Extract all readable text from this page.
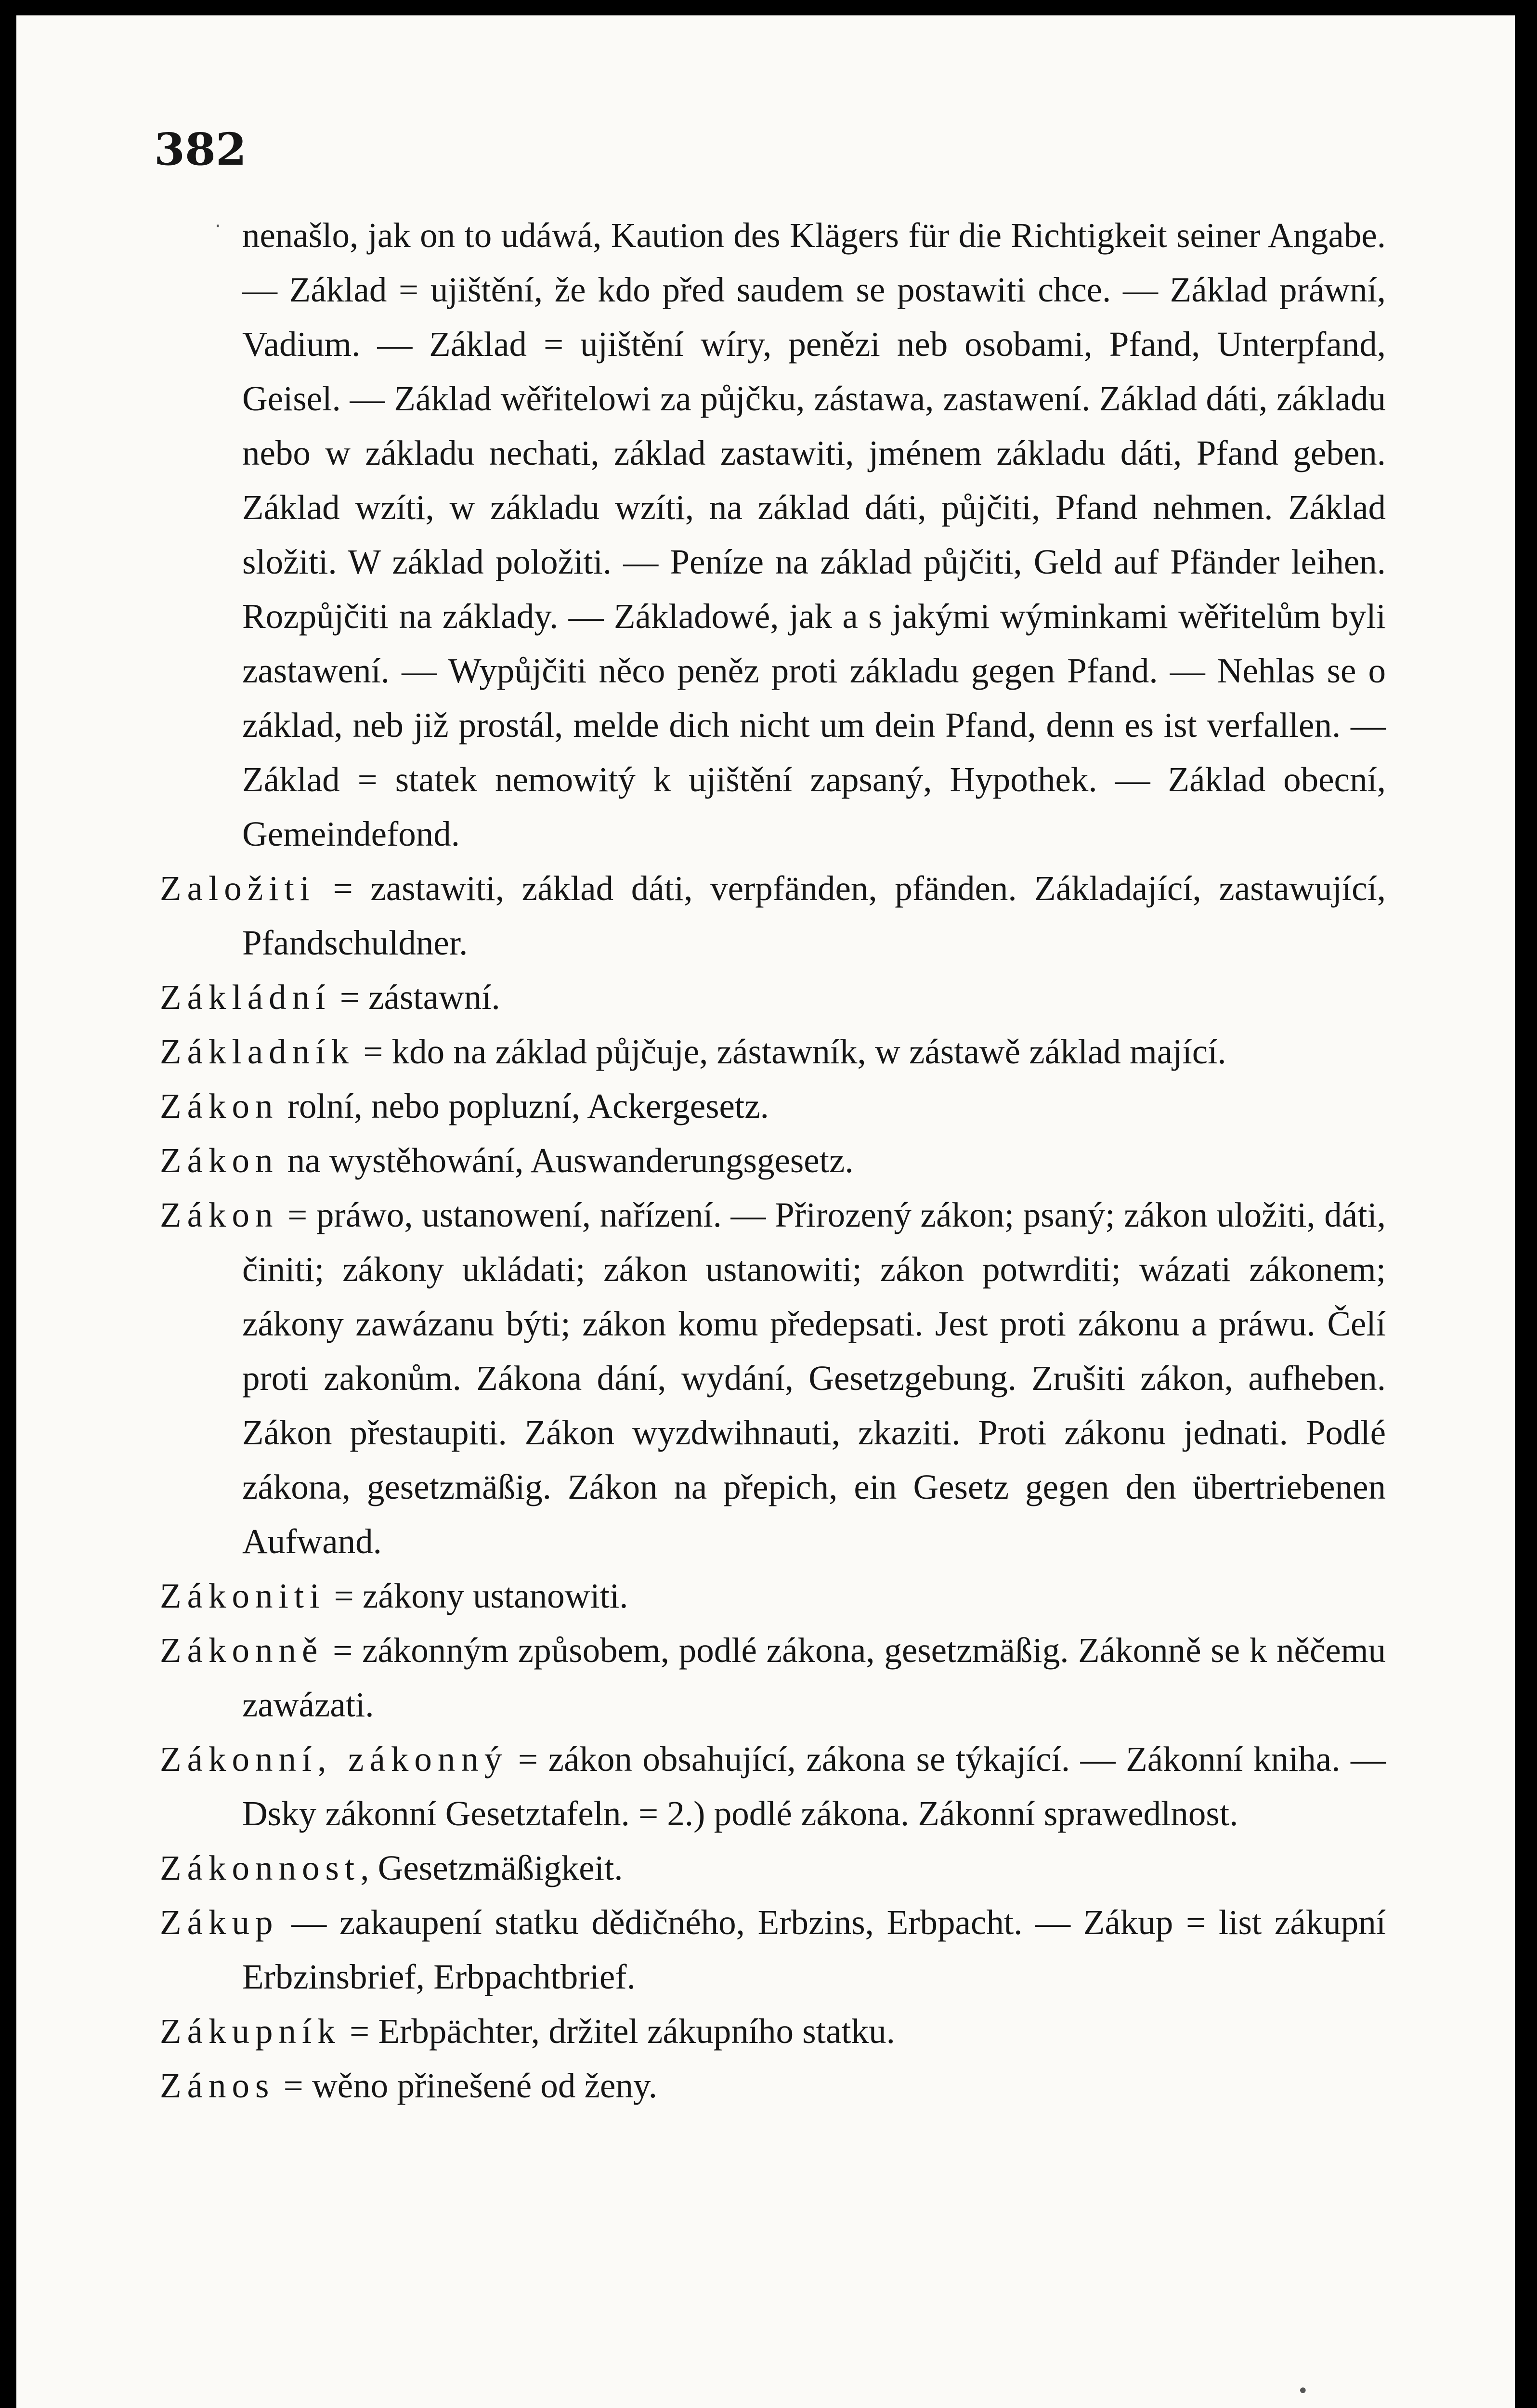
382
·
•

nenašlo, jak on to udáwá, Kaution des Klägers für die Richtigkeit seiner Angabe. — Základ = ujištění, že kdo před saudem se postawiti chce. — Základ práwní, Vadium. — Základ = ujištění wíry, penězi neb osobami, Pfand, Unterpfand, Geisel. — Základ wěřitelowi za půjčku, zástawa, zastawení. Základ dáti, základu nebo w základu nechati, základ zastawiti, jménem základu dáti, Pfand geben. Základ wzíti, w základu wzíti, na základ dáti, půjčiti, Pfand nehmen. Základ složiti. W základ položiti. — Peníze na základ půjčiti, Geld auf Pfänder leihen. Rozpůjčiti na základy. — Základowé, jak a s jakými wýminkami wěřitelům byli zastawení. — Wypůjčiti něco peněz proti základu gegen Pfand. — Nehlas se o základ, neb již prostál, melde dich nicht um dein Pfand, denn es ist verfallen. — Základ = statek nemowitý k ujištění zapsaný, Hypothek. — Základ obecní, Gemeindefond.

Založiti = zastawiti, základ dáti, verpfänden, pfänden. Základající, zastawující, Pfandschuldner.

Zákládní = zástawní.

Základník = kdo na základ půjčuje, zástawník, w zástawě základ mající.

Zákon rolní, nebo popluzní, Ackergesetz.

Zákon na wystěhowání, Auswanderungsgesetz.

Zákon = práwo, ustanowení, nařízení. — Přirozený zákon; psaný; zákon uložiti, dáti, činiti; zákony ukládati; zákon ustanowiti; zákon potwrditi; wázati zákonem; zákony zawázanu býti; zákon komu předepsati. Jest proti zákonu a práwu. Čelí proti zakonům. Zákona dání, wydání, Gesetzgebung. Zrušiti zákon, aufheben. Zákon přestaupiti. Zákon wyzdwihnauti, zkaziti. Proti zákonu jednati. Podlé zákona, gesetzmäßig. Zákon na přepich, ein Gesetz gegen den übertriebenen Aufwand.

Zákoniti = zákony ustanowiti.

Zákonně = zákonným způsobem, podlé zákona, gesetzmäßig. Zákonně se k něčemu zawázati.

Zákonní, zákonný = zákon obsahující, zákona se týkající. — Zákonní kniha. — Dsky zákonní Gesetztafeln. = 2.) podlé zákona. Zákonní sprawedlnost.

Zákonnost, Gesetzmäßigkeit.

Zákup — zakaupení statku dědičného, Erbzins, Erbpacht. — Zákup = list zákupní Erbzinsbrief, Erbpachtbrief.

Zákupník = Erbpächter, držitel zákupního statku.

Zános = wěno přinešené od ženy.
